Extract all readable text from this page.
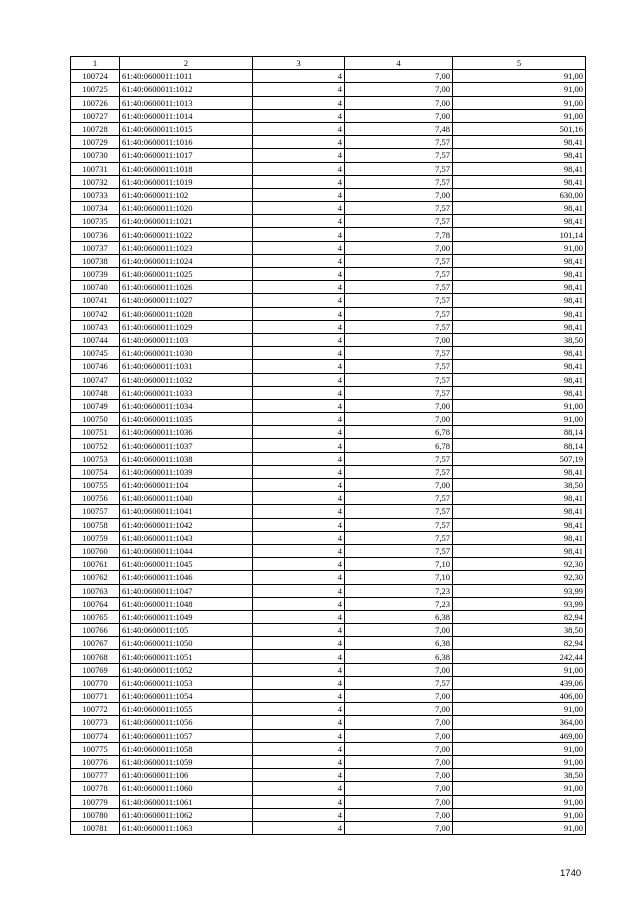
1	2	3	4	5
100724	61:40:0600011:1011	4	7,00	91,00
100725	61:40:0600011:1012	4	7,00	91,00
100726	61:40:0600011:1013	4	7,00	91,00
100727	61:40:0600011:1014	4	7,00	91,00
100728	61:40:0600011:1015	4	7,48	501,16
100729	61:40:0600011:1016	4	7,57	98,41
100730	61:40:0600011:1017	4	7,57	98,41
100731	61:40:0600011:1018	4	7,57	98,41
100732	61:40:0600011:1019	4	7,57	98,41
100733	61:40:0600011:102	4	7,00	630,00
100734	61:40:0600011:1020	4	7,57	98,41
100735	61:40:0600011:1021	4	7,57	98,41
100736	61:40:0600011:1022	4	7,78	101,14
100737	61:40:0600011:1023	4	7,00	91,00
100738	61:40:0600011:1024	4	7,57	98,41
100739	61:40:0600011:1025	4	7,57	98,41
100740	61:40:0600011:1026	4	7,57	98,41
100741	61:40:0600011:1027	4	7,57	98,41
100742	61:40:0600011:1028	4	7,57	98,41
100743	61:40:0600011:1029	4	7,57	98,41
100744	61:40:0600011:103	4	7,00	38,50
100745	61:40:0600011:1030	4	7,57	98,41
100746	61:40:0600011:1031	4	7,57	98,41
100747	61:40:0600011:1032	4	7,57	98,41
100748	61:40:0600011:1033	4	7,57	98,41
100749	61:40:0600011:1034	4	7,00	91,00
100750	61:40:0600011:1035	4	7,00	91,00
100751	61:40:0600011:1036	4	6,78	88,14
100752	61:40:0600011:1037	4	6,78	88,14
100753	61:40:0600011:1038	4	7,57	507,19
100754	61:40:0600011:1039	4	7,57	98,41
100755	61:40:0600011:104	4	7,00	38,50
100756	61:40:0600011:1040	4	7,57	98,41
100757	61:40:0600011:1041	4	7,57	98,41
100758	61:40:0600011:1042	4	7,57	98,41
100759	61:40:0600011:1043	4	7,57	98,41
100760	61:40:0600011:1044	4	7,57	98,41
100761	61:40:0600011:1045	4	7,10	92,30
100762	61:40:0600011:1046	4	7,10	92,30
100763	61:40:0600011:1047	4	7,23	93,99
100764	61:40:0600011:1048	4	7,23	93,99
100765	61:40:0600011:1049	4	6,38	82,94
100766	61:40:0600011:105	4	7,00	38,50
100767	61:40:0600011:1050	4	6,38	82,94
100768	61:40:0600011:1051	4	6,38	242,44
100769	61:40:0600011:1052	4	7,00	91,00
100770	61:40:0600011:1053	4	7,57	439,06
100771	61:40:0600011:1054	4	7,00	406,00
100772	61:40:0600011:1055	4	7,00	91,00
100773	61:40:0600011:1056	4	7,00	364,00
100774	61:40:0600011:1057	4	7,00	469,00
100775	61:40:0600011:1058	4	7,00	91,00
100776	61:40:0600011:1059	4	7,00	91,00
100777	61:40:0600011:106	4	7,00	38,50
100778	61:40:0600011:1060	4	7,00	91,00
100779	61:40:0600011:1061	4	7,00	91,00
100780	61:40:0600011:1062	4	7,00	91,00
100781	61:40:0600011:1063	4	7,00	91,00
1740
